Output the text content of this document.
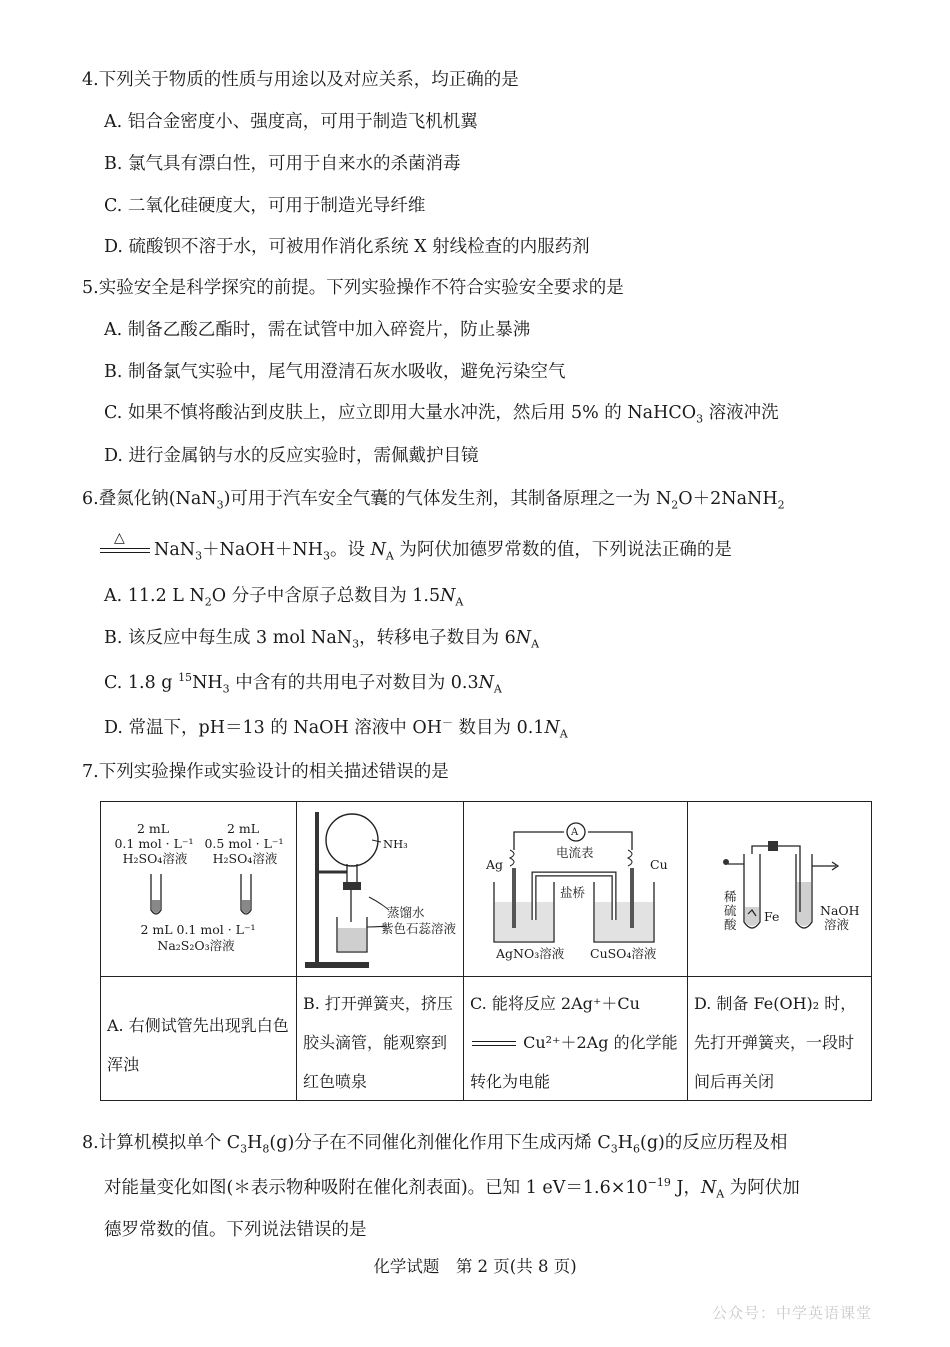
4.下列关于物质的性质与用途以及对应关系，均正确的是
A. 铝合金密度小、强度高，可用于制造飞机机翼
B. 氯气具有漂白性，可用于自来水的杀菌消毒
C. 二氧化硅硬度大，可用于制造光导纤维
D. 硫酸钡不溶于水，可被用作消化系统 X 射线检查的内服药剂
5.实验安全是科学探究的前提。下列实验操作不符合实验安全要求的是
A. 制备乙酸乙酯时，需在试管中加入碎瓷片，防止暴沸
B. 制备氯气实验中，尾气用澄清石灰水吸收，避免污染空气
C. 如果不慎将酸沾到皮肤上，应立即用大量水冲洗，然后用 5% 的 NaHCO$_3$ 溶液冲洗
D. 进行金属钠与水的反应实验时，需佩戴护目镜
6.叠氮化钠(NaN$_3$)可用于汽车安全气囊的气体发生剂，其制备原理之一为 $N_2O+2NaNH_2$
△
$NaN_3+NaOH+NH_3$。设 $N_A$ 为阿伏加德罗常数的值，下列说法正确的是
A. 11.2 L $N_2O$ 分子中含原子总数目为 $1.5N_A$
B. 该反应中每生成 3 mol NaN$_3$，转移电子数目为 $6N_A$
C. 1.8 g $^{15}NH_3$ 中含有的共用电子对数目为 $0.3N_A$
D. 常温下，pH＝13 的 NaOH 溶液中 OH－ 数目为 $0.1N_A$
7.下列实验操作或实验设计的相关描述错误的是
2 mL
0.1 mol · L⁻¹
H₂SO₄溶液
2 mL
0.5 mol · L⁻¹
H₂SO₄溶液
2 mL 0.1 mol · L⁻¹
Na₂S₂O₃溶液
NH₃
蒸馏水
紫色石蕊溶液
A
电流表
Ag	Cu
盐桥
AgNO₃溶液 CuSO₄溶液
稀硫酸
Fe	NaOH
溶液
A. 右侧试管先出现乳白色浑浊
B. 打开弹簧夹，挤压胶头滴管，能观察到红色喷泉
C. 能将反应 2Ag⁺＋Cu
Cu²⁺＋2Ag 的化学能转化为电能
D. 制备 Fe(OH)₂ 时，先打开弹簧夹，一段时间后再关闭
8.计算机模拟单个 $C_3H_8(g)$分子在不同催化剂催化作用下生成丙烯 $C_3H_6(g)$的反应历程及相
对能量变化如图(＊表示物种吸附在催化剂表面)。已知 1 $eV=1.6\times 10^{-19}$ J，$N_A$ 为阿伏加
德罗常数的值。下列说法错误的是
化学试题　第 2 页(共 8 页)
公众号：中学英语课堂
